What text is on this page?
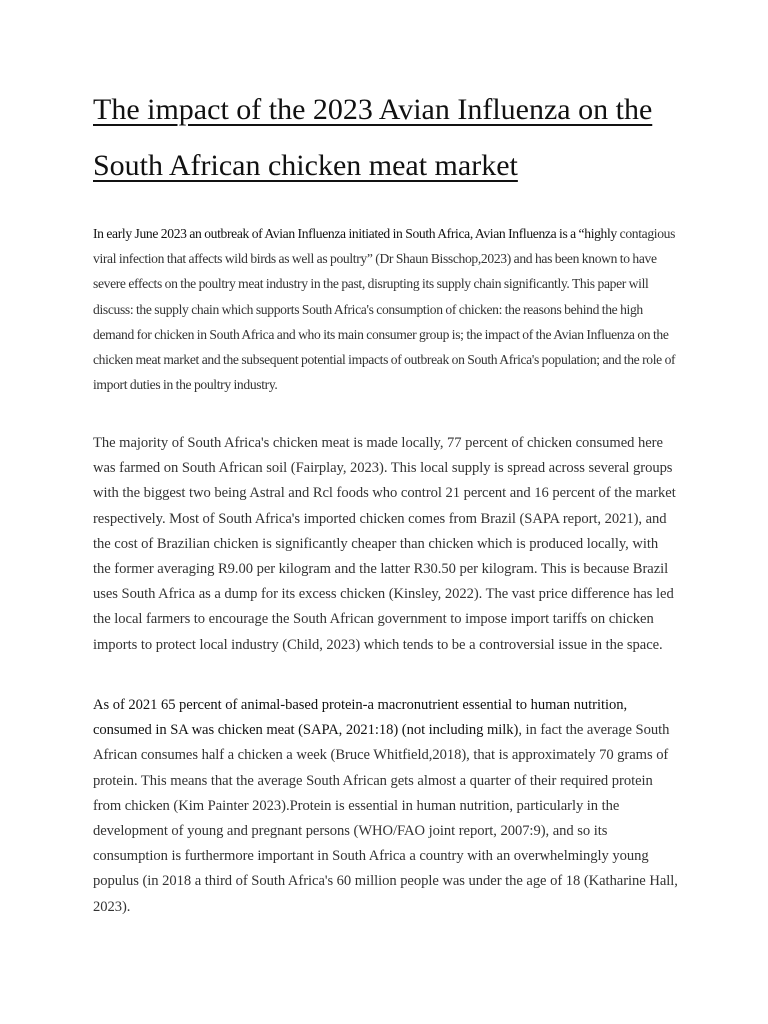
The impact of the 2023 Avian Influenza on the South African chicken meat market

In early June 2023 an outbreak of Avian Influenza initiated in South Africa, Avian Influenza is a “highly contagious viral infection that affects wild birds as well as poultry” (Dr Shaun Bisschop,2023) and has been known to have severe effects on the poultry meat industry in the past, disrupting its supply chain significantly. This paper will discuss: the supply chain which supports South Africa's consumption of chicken: the reasons behind the high demand for chicken in South Africa and who its main consumer group is; the impact of the Avian Influenza on the chicken meat market and the subsequent potential impacts of outbreak on South Africa's population; and the role of import duties in the poultry industry.

The majority of South Africa's chicken meat is made locally, 77 percent of chicken consumed here was farmed on South African soil (Fairplay, 2023). This local supply is spread across several groups with the biggest two being Astral and Rcl foods who control 21 percent and 16 percent of the market respectively. Most of South Africa's imported chicken comes from Brazil (SAPA report, 2021), and the cost of Brazilian chicken is significantly cheaper than chicken which is produced locally, with the former averaging R9.00 per kilogram and the latter R30.50 per kilogram. This is because Brazil uses South Africa as a dump for its excess chicken (Kinsley, 2022). The vast price difference has led the local farmers to encourage the South African government to impose import tariffs on chicken imports to protect local industry (Child, 2023) which tends to be a controversial issue in the space.

As of 2021 65 percent of animal-based protein-a macronutrient essential to human nutrition, consumed in SA was chicken meat (SAPA, 2021:18) (not including milk), in fact the average South African consumes half a chicken a week (Bruce Whitfield,2018), that is approximately 70 grams of protein. This means that the average South African gets almost a quarter of their required protein from chicken (Kim Painter 2023).Protein is essential in human nutrition, particularly in the development of young and pregnant persons (WHO/FAO joint report, 2007:9), and so its consumption is furthermore important in South Africa a country with an overwhelmingly young populus (in 2018 a third of South Africa's 60 million people was under the age of 18 (Katharine Hall, 2023).
